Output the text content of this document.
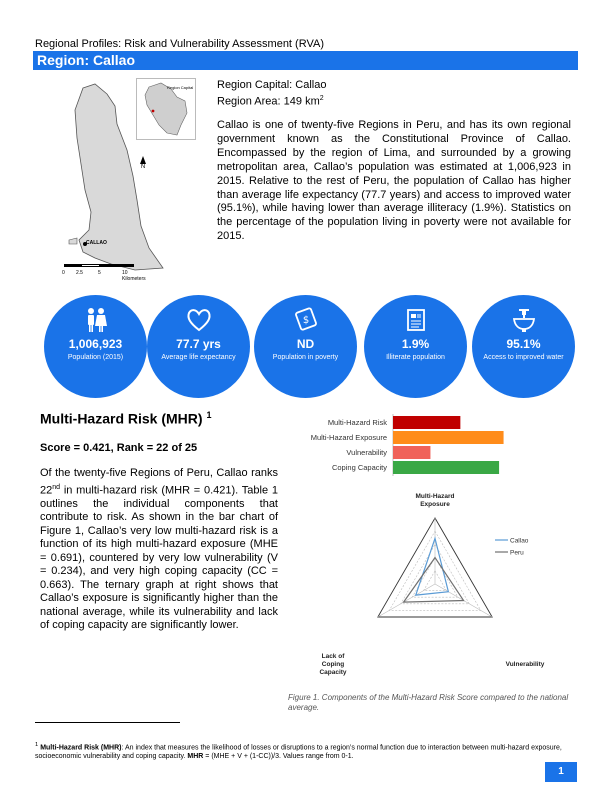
Regional Profiles: Risk and Vulnerability Assessment (RVA)
Region: Callao
CALLAO
Region Capital
N
0 2.5	5	10 Kilometers
Region Capital: Callao
Region Area: 149 $km^2$
Callao is one of twenty-five Regions in Peru, and has its own regional government known as the Constitutional Province of Callao. Encompassed by the region of Lima, and surrounded by a growing metropolitan area, Callao’s population was estimated at 1,006,923 in 2015. Relative to the rest of Peru, the population of Callao has higher than average life expectancy (77.7 years) and access to improved water (95.1%), while having lower than average illiteracy (1.9%). Statistics on the percentage of the population living in poverty were not available for 2015.
1,006,923
Population (2015)
77.7 yrs
Average life expectancy
$
ND
Population in poverty
1.9%
Illiterate population
95.1%
Access to improved water
Multi-Hazard Risk (MHR) $^1$
Score = 0.421, Rank = 22 of 25
Of the twenty-five Regions of Peru, Callao ranks 22nd in multi-hazard risk (MHR = 0.421). Table 1 outlines the individual components that contribute to risk. As shown in the bar chart of Figure 1, Callao’s very low multi-hazard risk is a function of its high multi-hazard exposure (MHE = 0.691), countered by very low vulnerability (V = 0.234), and very high coping capacity (CC = 0.663). The ternary graph at right shows that Callao’s exposure is significantly higher than the national average, while its vulnerability and lack of coping capacity are significantly lower.
Multi-Hazard Risk
Multi-Hazard Exposure
Vulnerability
Coping Capacity
Multi-Hazard
Exposure
Vulnerability
Lack of
Coping
Capacity
Callao
Peru
Figure 1. Components of the Multi-Hazard Risk Score compared to the national average.
$^1$ Multi-Hazard Risk (MHR): An index that measures the likelihood of losses or disruptions to a region’s normal function due to interaction between multi-hazard exposure, socioeconomic vulnerability and coping capacity. MHR = (MHE + V + (1-CC))/3. Values range from 0-1.
1
